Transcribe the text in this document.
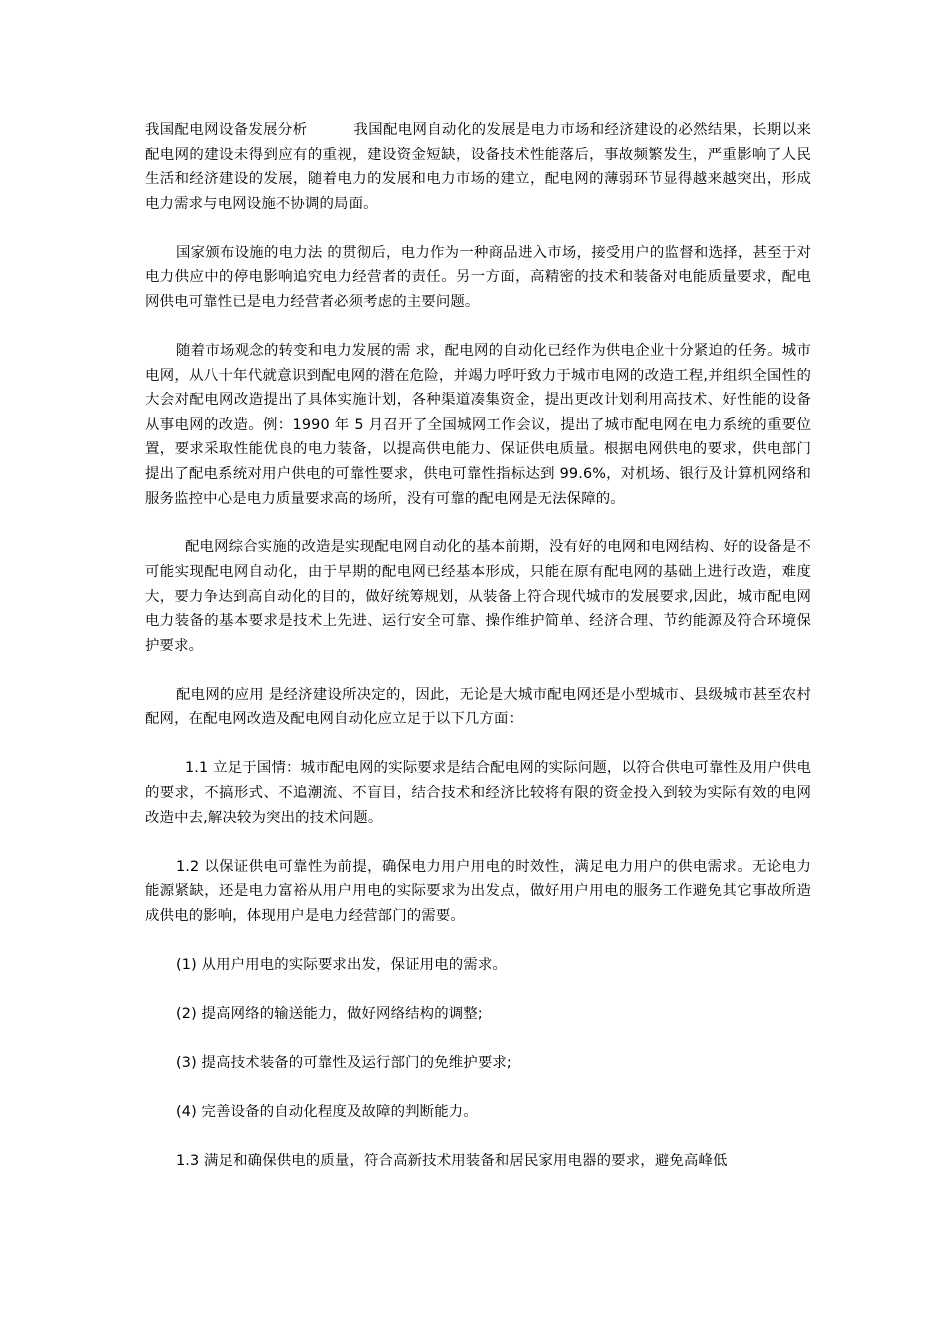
我国配电网设备发展分析	我国配电网自动化的发展是电力市场和经济建设的必然结果，长期以来配电网的建设未得到应有的重视，建设资金短缺，设备技术性能落后，事故频繁发生，严重影响了人民生活和经济建设的发展，随着电力的发展和电力市场的建立，配电网的薄弱环节显得越来越突出，形成电力需求与电网设施不协调的局面。

国家颁布设施的电力法 的贯彻后，电力作为一种商品进入市场，接受用户的监督和选择，甚至于对电力供应中的停电影响追究电力经营者的责任。另一方面，高精密的技术和装备对电能质量要求，配电网供电可靠性已是电力经营者必须考虑的主要问题。

随着市场观念的转变和电力发展的需 求，配电网的自动化已经作为供电企业十分紧迫的任务。城市电网，从八十年代就意识到配电网的潜在危险，并竭力呼吁致力于城市电网的改造工程,并组织全国性的大会对配电网改造提出了具体实施计划，各种渠道凑集资金，提出更改计划利用高技术、好性能的设备从事电网的改造。例：1990 年 5 月召开了全国城网工作会议，提出了城市配电网在电力系统的重要位置，要求采取性能优良的电力装备，以提高供电能力、保证供电质量。根据电网供电的要求，供电部门提出了配电系统对用户供电的可靠性要求，供电可靠性指标达到 99.6%，对机场、银行及计算机网络和服务监控中心是电力质量要求高的场所，没有可靠的配电网是无法保障的。

配电网综合实施的改造是实现配电网自动化的基本前期，没有好的电网和电网结构、好的设备是不可能实现配电网自动化，由于早期的配电网已经基本形成，只能在原有配电网的基础上进行改造，难度大，要力争达到高自动化的目的，做好统筹规划，从装备上符合现代城市的发展要求,因此，城市配电网电力装备的基本要求是技术上先进、运行安全可靠、操作维护简单、经济合理、节约能源及符合环境保护要求。

配电网的应用 是经济建设所决定的，因此，无论是大城市配电网还是小型城市、县级城市甚至农村配网，在配电网改造及配电网自动化应立足于以下几方面：

1.1 立足于国情：城市配电网的实际要求是结合配电网的实际问题，以符合供电可靠性及用户供电的要求，不搞形式、不追潮流、不盲目，结合技术和经济比较将有限的资金投入到较为实际有效的电网改造中去,解决较为突出的技术问题。

1.2 以保证供电可靠性为前提，确保电力用户用电的时效性，满足电力用户的供电需求。无论电力能源紧缺，还是电力富裕从用户用电的实际要求为出发点，做好用户用电的服务工作避免其它事故所造成供电的影响，体现用户是电力经营部门的需要。

(1) 从用户用电的实际要求出发，保证用电的需求。

(2) 提高网络的输送能力，做好网络结构的调整;

(3) 提高技术装备的可靠性及运行部门的免维护要求;

(4) 完善设备的自动化程度及故障的判断能力。

1.3 满足和确保供电的质量，符合高新技术用装备和居民家用电器的要求，避免高峰低
